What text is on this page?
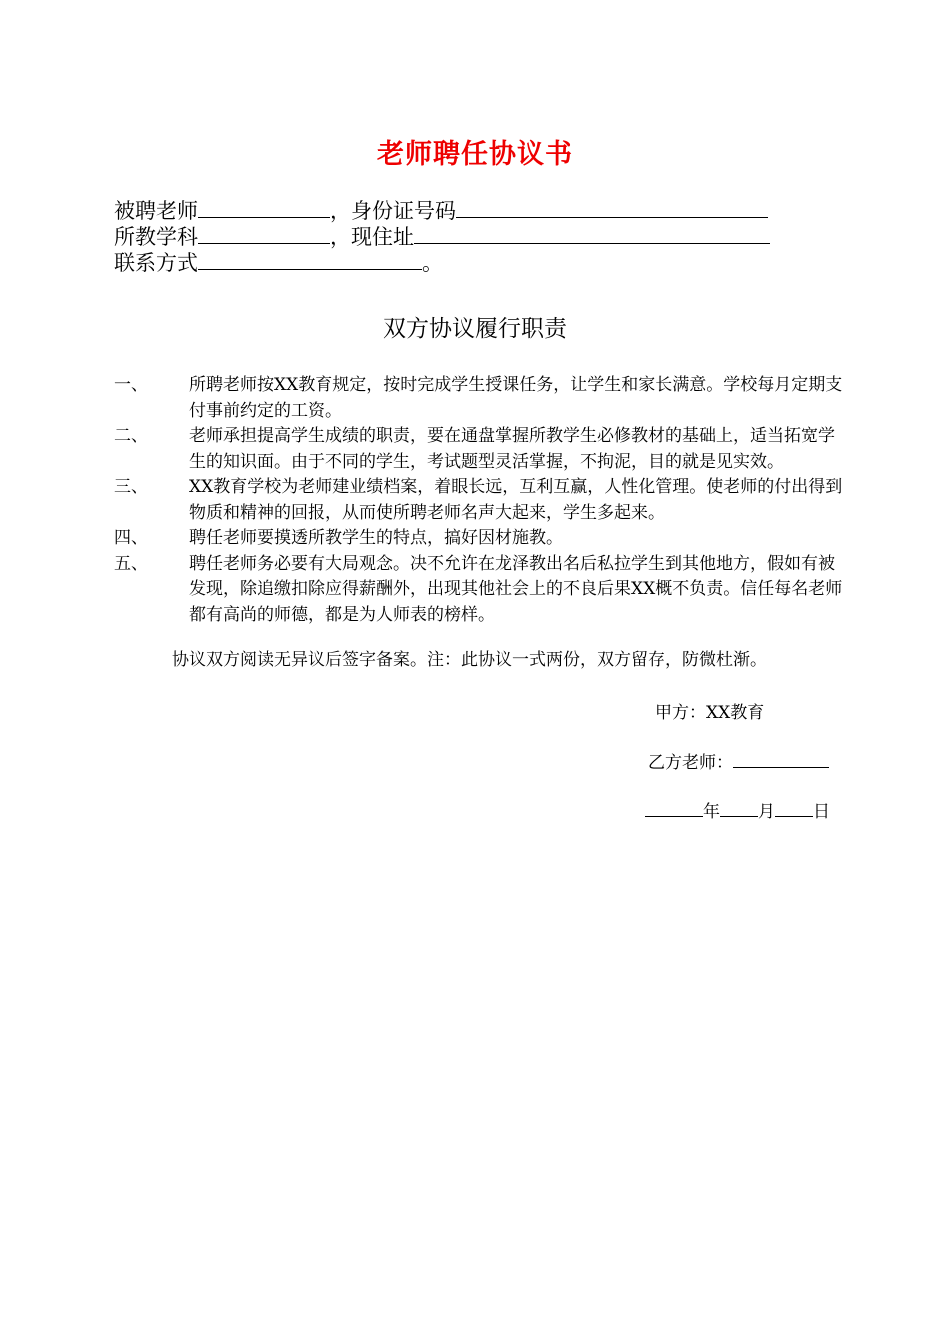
老师聘任协议书
被聘老师	，身份证号码
所教学科	，现住址
联系方式	。
双方协议履行职责
一、	所聘老师按XX教育规定，按时完成学生授课任务，让学生和家长满意。学校每月定期支付事前约定的工资。
二、	老师承担提高学生成绩的职责，要在通盘掌握所教学生必修教材的基础上，适当拓宽学生的知识面。由于不同的学生，考试题型灵活掌握，不拘泥，目的就是见实效。
三、	XX教育学校为老师建业绩档案，着眼长远，互利互赢，人性化管理。使老师的付出得到物质和精神的回报，从而使所聘老师名声大起来，学生多起来。
四、	聘任老师要摸透所教学生的特点，搞好因材施教。
五、	聘任老师务必要有大局观念。决不允许在龙泽教出名后私拉学生到其他地方，假如有被发现，除追缴扣除应得薪酬外，出现其他社会上的不良后果XX概不负责。信任每名老师都有高尚的师德，都是为人师表的榜样。
协议双方阅读无异议后签字备案。注：此协议一式两份，双方留存，防微杜渐。
甲方：XX教育
乙方老师：
年 月 日
